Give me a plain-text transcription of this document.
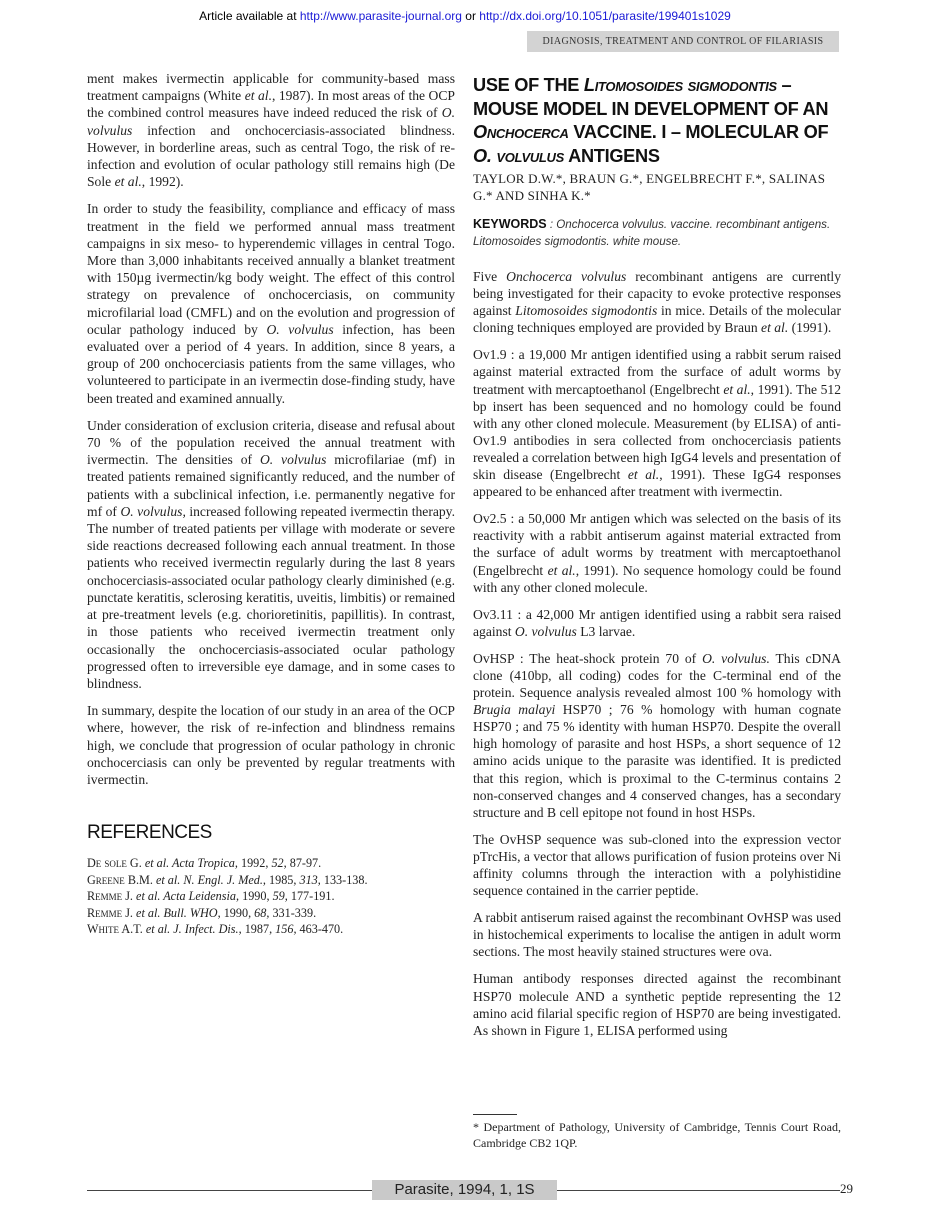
Article available at http://www.parasite-journal.org or http://dx.doi.org/10.1051/parasite/199401s1029
DIAGNOSIS, TREATMENT AND CONTROL OF FILARIASIS

ment makes ivermectin applicable for community-based mass treatment campaigns (White et al., 1987). In most areas of the OCP the combined control measures have indeed reduced the risk of O. volvulus infection and onchocerciasis-associated blindness. However, in borderline areas, such as central Togo, the risk of re-infection and evolution of ocular pathology still remains high (De Sole et al., 1992).

In order to study the feasibility, compliance and efficacy of mass treatment in the field we performed annual mass treatment campaigns in six meso- to hyperendemic villages in central Togo. More than 3,000 inhabitants received annually a blanket treatment with 150µg ivermectin/kg body weight. The effect of this control strategy on prevalence of onchocerciasis, on community microfilarial load (CMFL) and on the evolution and progression of ocular pathology induced by O. volvulus infection, has been evaluated over a period of 4 years. In addition, since 8 years, a group of 200 onchocerciasis patients from the same villages, who volunteered to participate in an ivermectin dose-finding study, have been treated and examined annually.

Under consideration of exclusion criteria, disease and refusal about 70 % of the population received the annual treatment with ivermectin. The densities of O. volvulus microfilariae (mf) in treated patients remained significantly reduced, and the number of patients with a subclinical infection, i.e. permanently negative for mf of O. volvulus, increased following repeated ivermectin therapy. The number of treated patients per village with moderate or severe side reactions decreased following each annual treatment. In those patients who received ivermectin regularly during the last 8 years onchocerciasis-associated ocular pathology clearly diminished (e.g. punctate keratitis, sclerosing keratitis, uveitis, limbitis) or remained at pre-treatment levels (e.g. chorioretinitis, papillitis). In contrast, in those patients who received ivermectin treatment only occasionally the onchocerciasis-associated ocular pathology progressed often to irreversible eye damage, and in some cases to blindness.

In summary, despite the location of our study in an area of the OCP where, however, the risk of re-infection and blindness remains high, we conclude that progression of ocular pathology in chronic onchocerciasis can only be prevented by regular treatments with ivermectin.

REFERENCES

De sole G. et al. Acta Tropica, 1992, 52, 87-97.

Greene B.M. et al. N. Engl. J. Med., 1985, 313, 133-138.

Remme J. et al. Acta Leidensia, 1990, 59, 177-191.

Remme J. et al. Bull. WHO, 1990, 68, 331-339.

White A.T. et al. J. Infect. Dis., 1987, 156, 463-470.

USE OF THE Litomosoides sigmodontis – MOUSE MODEL IN DEVELOPMENT OF AN Onchocerca VACCINE. I – MOLECULAR OF O. volvulus ANTIGENS
TAYLOR D.W.*, BRAUN G.*, ENGELBRECHT F.*, SALINAS G.* AND SINHA K.*
KEYWORDS : Onchocerca volvulus. vaccine. recombinant antigens. Litomosoides sigmodontis. white mouse.

Five Onchocerca volvulus recombinant antigens are currently being investigated for their capacity to evoke protective responses against Litomosoides sigmodontis in mice. Details of the molecular cloning techniques employed are provided by Braun et al. (1991).

Ov1.9 : a 19,000 Mr antigen identified using a rabbit serum raised against material extracted from the surface of adult worms by treatment with mercaptoethanol (Engelbrecht et al., 1991). The 512 bp insert has been sequenced and no homology could be found with any other cloned molecule. Measurement (by ELISA) of anti-Ov1.9 antibodies in sera collected from onchocerciasis patients revealed a correlation between high IgG4 levels and presentation of skin disease (Engelbrecht et al., 1991). These IgG4 responses appeared to be enhanced after treatment with ivermectin.

Ov2.5 : a 50,000 Mr antigen which was selected on the basis of its reactivity with a rabbit antiserum against material extracted from the surface of adult worms by treatment with mercaptoethanol (Engelbrecht et al., 1991). No sequence homology could be found with any other cloned molecule.

Ov3.11 : a 42,000 Mr antigen identified using a rabbit sera raised against O. volvulus L3 larvae.

OvHSP : The heat-shock protein 70 of O. volvulus. This cDNA clone (410bp, all coding) codes for the C-terminal end of the protein. Sequence analysis revealed almost 100 % homology with Brugia malayi HSP70 ; 76 % homology with human cognate HSP70 ; and 75 % identity with human HSP70. Despite the overall high homology of parasite and host HSPs, a short sequence of 12 amino acids unique to the parasite was identified. It is predicted that this region, which is proximal to the C-terminus contains 2 non-conserved changes and 4 conserved changes, has a secondary structure and B cell epitope not found in host HSPs.

The OvHSP sequence was sub-cloned into the expression vector pTrcHis, a vector that allows purification of fusion proteins over Ni affinity columns through the interaction with a polyhistidine sequence contained in the carrier peptide.

A rabbit antiserum raised against the recombinant OvHSP was used in histochemical experiments to localise the antigen in adult worm sections. The most heavily stained structures were ova.

Human antibody responses directed against the recombinant HSP70 molecule AND a synthetic peptide representing the 12 amino acid filarial specific region of HSP70 are being investigated. As shown in Figure 1, ELISA performed using

* Department of Pathology, University of Cambridge, Tennis Court Road, Cambridge CB2 1QP.

Parasite, 1994, 1, 1S	29
